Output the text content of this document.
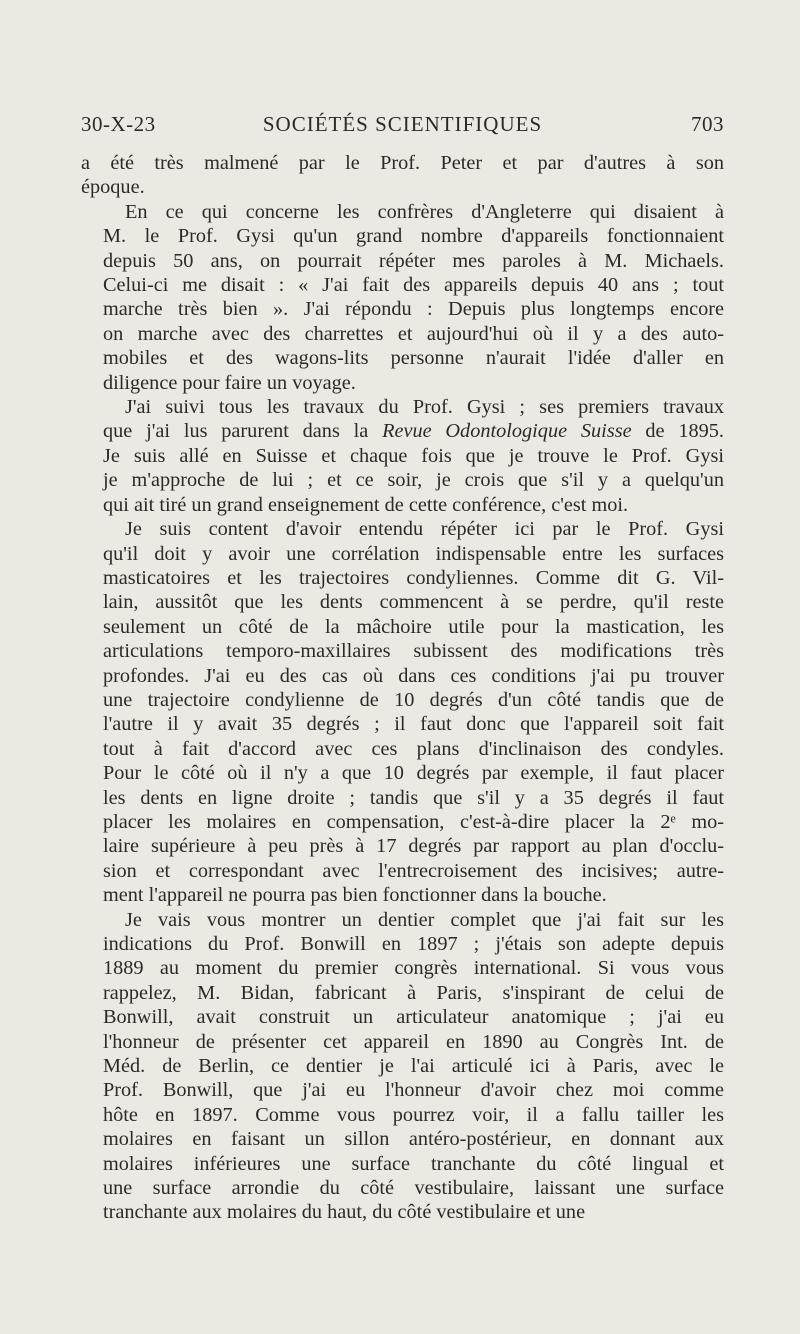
30-X-23	SOCIÉTÉS SCIENTIFIQUES	703
a été très malmené par le Prof. Peter et par d'autres à son
époque.
En ce qui concerne les confrères d'Angleterre qui disaient à
M. le Prof. Gysi qu'un grand nombre d'appareils fonctionnaient
depuis 50 ans, on pourrait répéter mes paroles à M. Michaels.
Celui-ci me disait : « J'ai fait des appareils depuis 40 ans ; tout
marche très bien ». J'ai répondu : Depuis plus longtemps encore
on marche avec des charrettes et aujourd'hui où il y a des auto-
mobiles et des wagons-lits personne n'aurait l'idée d'aller en
diligence pour faire un voyage.
J'ai suivi tous les travaux du Prof. Gysi ; ses premiers travaux
que j'ai lus parurent dans la Revue Odontologique Suisse de 1895.
Je suis allé en Suisse et chaque fois que je trouve le Prof. Gysi
je m'approche de lui ; et ce soir, je crois que s'il y a quelqu'un
qui ait tiré un grand enseignement de cette conférence, c'est moi.
Je suis content d'avoir entendu répéter ici par le Prof. Gysi
qu'il doit y avoir une corrélation indispensable entre les surfaces
masticatoires et les trajectoires condyliennes. Comme dit G. Vil-
lain, aussitôt que les dents commencent à se perdre, qu'il reste
seulement un côté de la mâchoire utile pour la mastication, les
articulations temporo-maxillaires subissent des modifications très
profondes. J'ai eu des cas où dans ces conditions j'ai pu trouver
une trajectoire condylienne de 10 degrés d'un côté tandis que de
l'autre il y avait 35 degrés ; il faut donc que l'appareil soit fait
tout à fait d'accord avec ces plans d'inclinaison des condyles.
Pour le côté où il n'y a que 10 degrés par exemple, il faut placer
les dents en ligne droite ; tandis que s'il y a 35 degrés il faut
placer les molaires en compensation, c'est-à-dire placer la 2ᵉ mo-
laire supérieure à peu près à 17 degrés par rapport au plan d'occlu-
sion et correspondant avec l'entrecroisement des incisives; autre-
ment l'appareil ne pourra pas bien fonctionner dans la bouche.
Je vais vous montrer un dentier complet que j'ai fait sur les
indications du Prof. Bonwill en 1897 ; j'étais son adepte depuis
1889 au moment du premier congrès international. Si vous vous
rappelez, M. Bidan, fabricant à Paris, s'inspirant de celui de
Bonwill, avait construit un articulateur anatomique ; j'ai eu
l'honneur de présenter cet appareil en 1890 au Congrès Int. de
Méd. de Berlin, ce dentier je l'ai articulé ici à Paris, avec le
Prof. Bonwill, que j'ai eu l'honneur d'avoir chez moi comme
hôte en 1897. Comme vous pourrez voir, il a fallu tailler les
molaires en faisant un sillon antéro-postérieur, en donnant aux
molaires inférieures une surface tranchante du côté lingual et
une surface arrondie du côté vestibulaire, laissant une surface
tranchante aux molaires du haut, du côté vestibulaire et une
